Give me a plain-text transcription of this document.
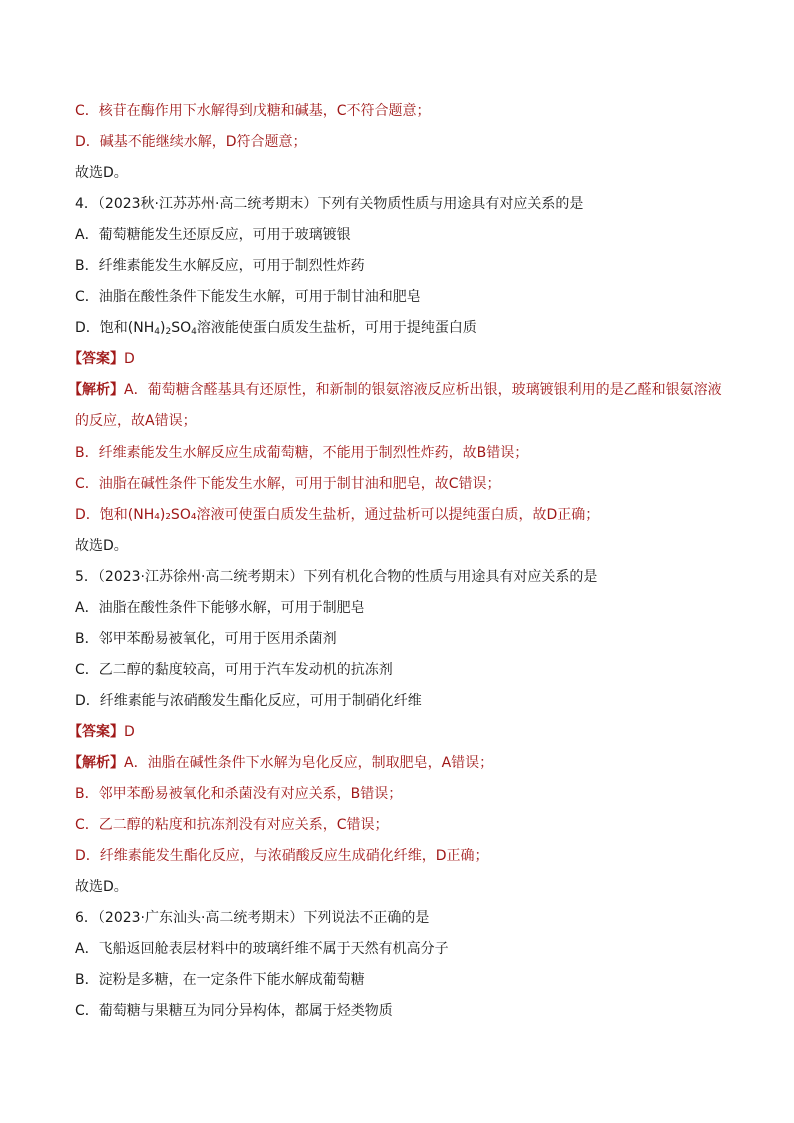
C．核苷在酶作用下水解得到戊糖和碱基，C不符合题意；
D．碱基不能继续水解，D符合题意；
故选D。
4．（2023秋·江苏苏州·高二统考期末）下列有关物质性质与用途具有对应关系的是
A．葡萄糖能发生还原反应，可用于玻璃镀银
B．纤维素能发生水解反应，可用于制烈性炸药
C．油脂在酸性条件下能发生水解，可用于制甘油和肥皂
D．饱和$(NH_4)_2SO_4$溶液能使蛋白质发生盐析，可用于提纯蛋白质
【答案】D
【解析】A．葡萄糖含醛基具有还原性，和新制的银氨溶液反应析出银，玻璃镀银利用的是乙醛和银氨溶液
的反应，故A错误；
B．纤维素能发生水解反应生成葡萄糖，不能用于制烈性炸药，故B错误；
C．油脂在碱性条件下能发生水解，可用于制甘油和肥皂，故C错误；
D．饱和(NH₄)₂SO₄溶液可使蛋白质发生盐析，通过盐析可以提纯蛋白质，故D正确；
故选D。
5．（2023·江苏徐州·高二统考期末）下列有机化合物的性质与用途具有对应关系的是
A．油脂在酸性条件下能够水解，可用于制肥皂
B．邻甲苯酚易被氧化，可用于医用杀菌剂
C．乙二醇的黏度较高，可用于汽车发动机的抗冻剂
D．纤维素能与浓硝酸发生酯化反应，可用于制硝化纤维
【答案】D
【解析】A．油脂在碱性条件下水解为皂化反应，制取肥皂，A错误；
B．邻甲苯酚易被氧化和杀菌没有对应关系，B错误；
C．乙二醇的粘度和抗冻剂没有对应关系，C错误；
D．纤维素能发生酯化反应，与浓硝酸反应生成硝化纤维，D正确；
故选D。
6．（2023·广东汕头·高二统考期末）下列说法不正确的是
A．飞船返回舱表层材料中的玻璃纤维不属于天然有机高分子
B．淀粉是多糖，在一定条件下能水解成葡萄糖
C．葡萄糖与果糖互为同分异构体，都属于烃类物质
